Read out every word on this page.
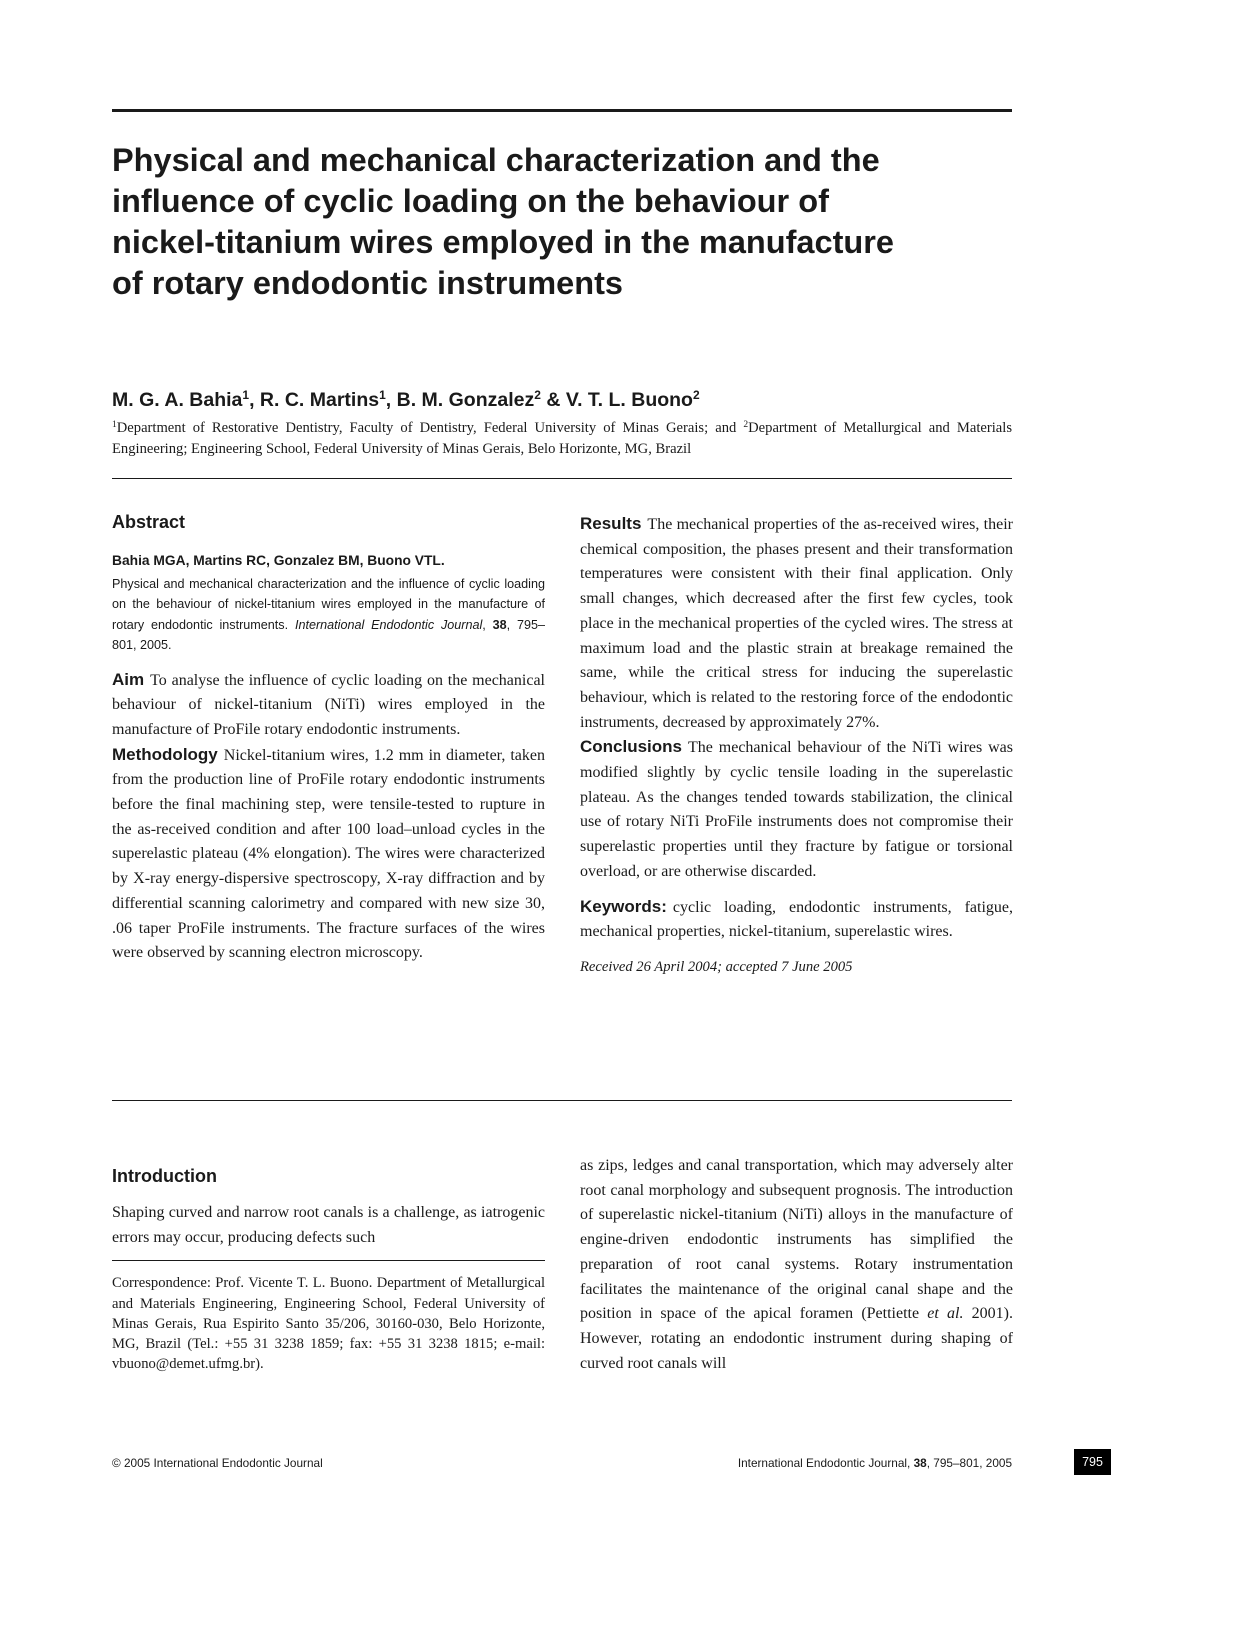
Physical and mechanical characterization and the
influence of cyclic loading on the behaviour of
nickel-titanium wires employed in the manufacture
of rotary endodontic instruments

M. G. A. Bahia$^1$, R. C. Martins$^1$, B. M. Gonzalez$^2$ & V. T. L. Buono$^2$

$^1$Department of Restorative Dentistry, Faculty of Dentistry, Federal University of Minas Gerais; and $^2$Department of Metallurgical and Materials Engineering; Engineering School, Federal University of Minas Gerais, Belo Horizonte, MG, Brazil
Abstract

Bahia MGA, Martins RC, Gonzalez BM, Buono VTL.
Physical and mechanical characterization and the influence of cyclic loading on the behaviour of nickel-titanium wires employed in the manufacture of rotary endodontic instruments. International Endodontic Journal, 38, 795–801, 2005.

Aim To analyse the influence of cyclic loading on the mechanical behaviour of nickel-titanium (NiTi) wires employed in the manufacture of ProFile rotary endodontic instruments.

Methodology Nickel-titanium wires, 1.2 mm in diameter, taken from the production line of ProFile rotary endodontic instruments before the final machining step, were tensile-tested to rupture in the as-received condition and after 100 load–unload cycles in the superelastic plateau (4% elongation). The wires were characterized by X-ray energy-dispersive spectroscopy, X-ray diffraction and by differential scanning calorimetry and compared with new size 30, .06 taper ProFile instruments. The fracture surfaces of the wires were observed by scanning electron microscopy.

Results The mechanical properties of the as-received wires, their chemical composition, the phases present and their transformation temperatures were consistent with their final application. Only small changes, which decreased after the first few cycles, took place in the mechanical properties of the cycled wires. The stress at maximum load and the plastic strain at breakage remained the same, while the critical stress for inducing the superelastic behaviour, which is related to the restoring force of the endodontic instruments, decreased by approximately 27%.

Conclusions The mechanical behaviour of the NiTi wires was modified slightly by cyclic tensile loading in the superelastic plateau. As the changes tended towards stabilization, the clinical use of rotary NiTi ProFile instruments does not compromise their superelastic properties until they fracture by fatigue or torsional overload, or are otherwise discarded.

Keywords: cyclic loading, endodontic instruments, fatigue, mechanical properties, nickel-titanium, superelastic wires.

Received 26 April 2004; accepted 7 June 2005
Introduction

Shaping curved and narrow root canals is a challenge, as iatrogenic errors may occur, producing defects such

Correspondence: Prof. Vicente T. L. Buono. Department of Metallurgical and Materials Engineering, Engineering School, Federal University of Minas Gerais, Rua Espirito Santo 35/206, 30160-030, Belo Horizonte, MG, Brazil (Tel.: +55 31 3238 1859; fax: +55 31 3238 1815; e-mail: vbuono@demet.ufmg.br).

as zips, ledges and canal transportation, which may adversely alter root canal morphology and subsequent prognosis. The introduction of superelastic nickel-titanium (NiTi) alloys in the manufacture of engine-driven endodontic instruments has simplified the preparation of root canal systems. Rotary instrumentation facilitates the maintenance of the original canal shape and the position in space of the apical foramen (Pettiette et al. 2001). However, rotating an endodontic instrument during shaping of curved root canals will

© 2005 International Endodontic Journal	International Endodontic Journal, 38, 795–801, 2005	795
